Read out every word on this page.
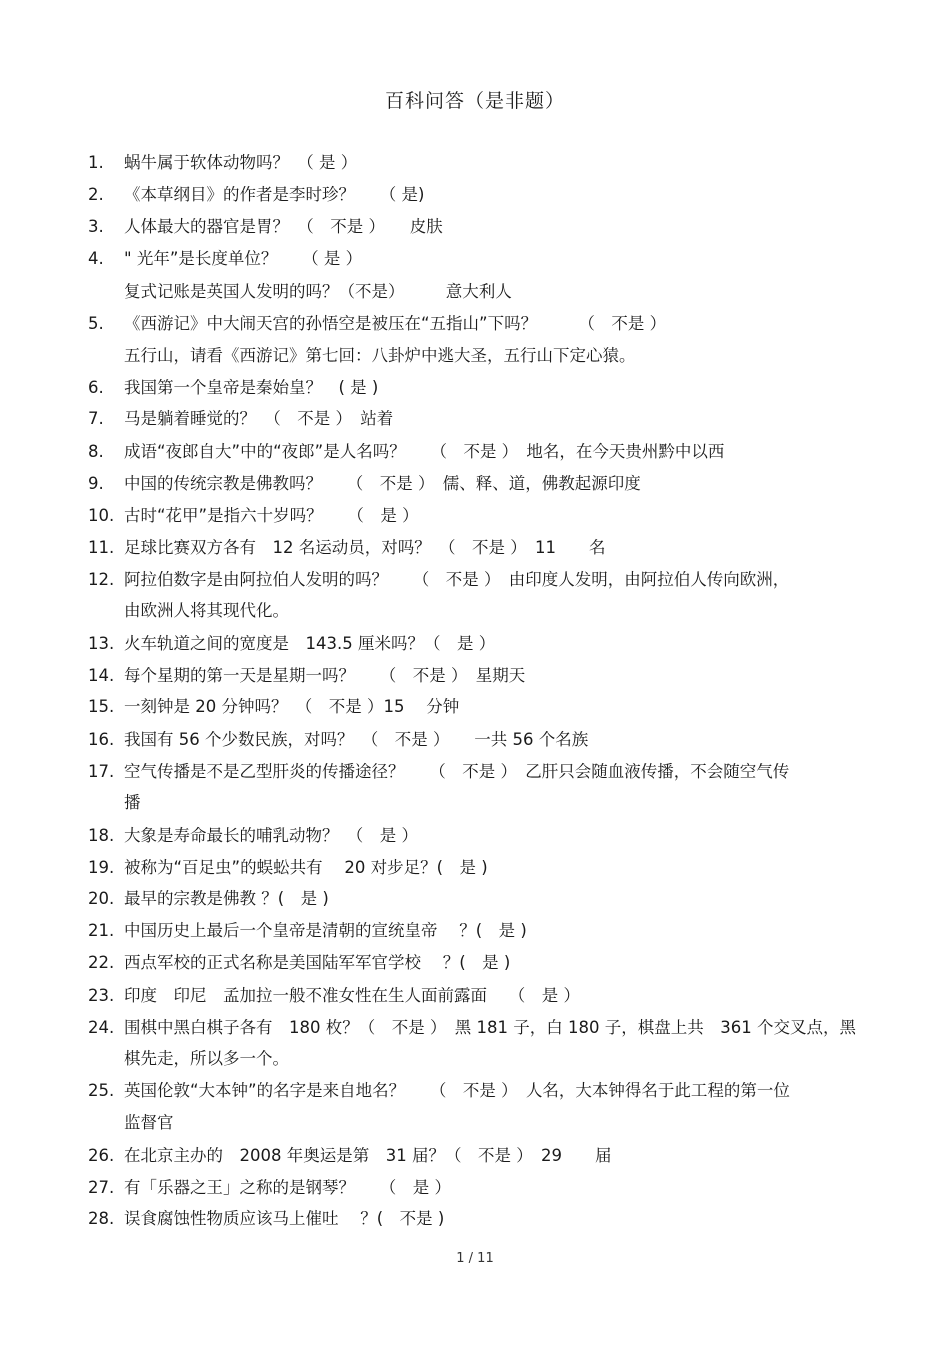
百科问答（是非题）
1.	蜗牛属于软体动物吗？　（ 是 ）
2.	《本草纲目》的作者是李时珍？　　（ 是)
3.	人体最大的器官是胃？　（　不是 ）　　皮肤
4.	" 光年”是长度单位？　　（ 是 ）
复式记账是英国人发明的吗？（不是）　　　意大利人
5.	《西游记》中大闹天宫的孙悟空是被压在“五指山”下吗？　　　（　不是 ）
五行山，请看《西游记》第七回：八卦炉中逃大圣，五行山下定心猿。
6.	我国第一个皇帝是秦始皇？　( 是 )
7.	马是躺着睡觉的？　（　不是 ）　站着
8.	成语“夜郎自大”中的“夜郎”是人名吗？　　（　不是 ）　地名，在今天贵州黔中以西
9.	中国的传统宗教是佛教吗？　　（　不是 ）　儒、释、道，佛教起源印度
10. 古时“花甲”是指六十岁吗？　　（　是 ）
11. 足球比赛双方各有　12 名运动员，对吗？　（　不是 ）　11　　名
12. 阿拉伯数字是由阿拉伯人发明的吗？　　（　不是 ）　由印度人发明，由阿拉伯人传向欧洲，
由欧洲人将其现代化。
13. 火车轨道之间的宽度是　143.5 厘米吗？（　是 ）
14. 每个星期的第一天是星期一吗？　　（　不是 ）　星期天
15. 一刻钟是 20 分钟吗？　（　不是 ）15　 分钟
16. 我国有 56 个少数民族，对吗？　（　不是 ）　　一共 56 个名族
17. 空气传播是不是乙型肝炎的传播途径？　　（　不是 ）　乙肝只会随血液传播，不会随空气传
播
18. 大象是寿命最长的哺乳动物？　（　是 ）
19. 被称为“百足虫”的蜈蚣共有　 20 对步足？(　是 )
20. 最早的宗教是佛教 ？(　是 )
21. 中国历史上最后一个皇帝是清朝的宣统皇帝　 ？(　是 )
22. 西点军校的正式名称是美国陆军军官学校　 ？(　是 )
23. 印度　印尼　孟加拉一般不准女性在生人面前露面　 （　是 ）
24. 围棋中黑白棋子各有　180 枚？（　不是 ）　黑 181 子，白 180 子，棋盘上共　361 个交叉点，黑
棋先走，所以多一个。
25. 英国伦敦“大本钟”的名字是来自地名？　　（　不是 ）　人名，大本钟得名于此工程的第一位
监督官
26. 在北京主办的　2008 年奥运是第　31 届？（　不是 ）　29　　届
27. 有「乐器之王」之称的是钢琴？　　（　是 ）
28. 误食腐蚀性物质应该马上催吐　 ？(　不是 )
1 / 11
